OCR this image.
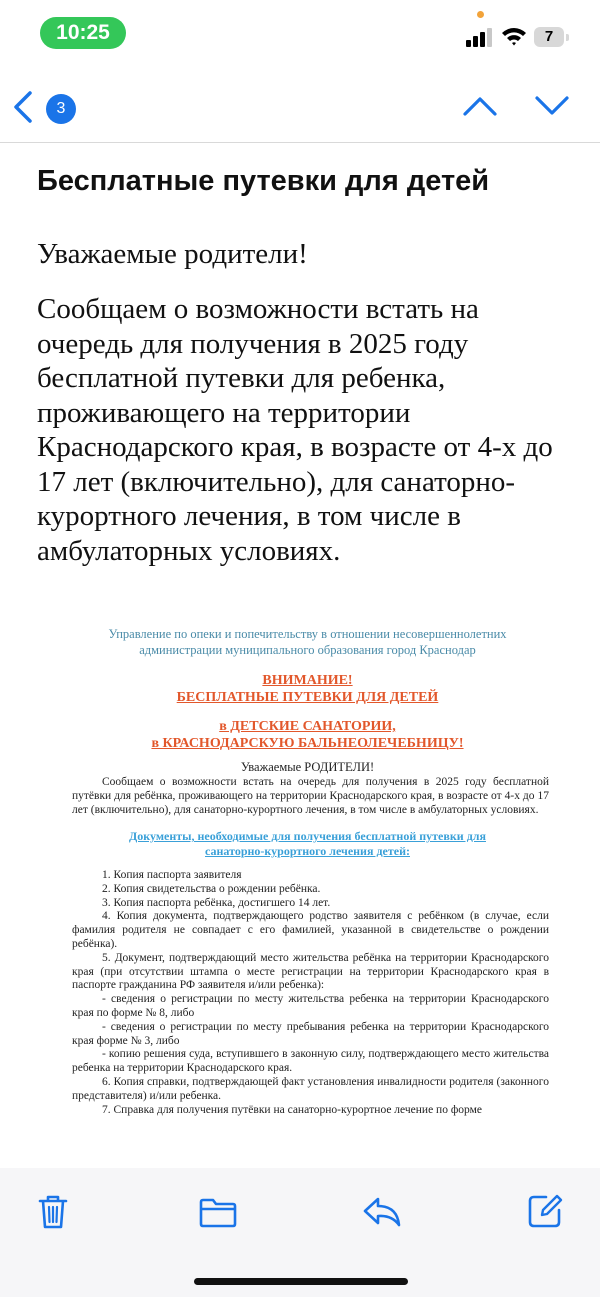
10:25	7
3
Бесплатные путевки для детей
Уважаемые родители!
Сообщаем о возможности встать на очередь для получения в 2025 году бесплатной путевки для ребенка, проживающего на территории Краснодарского края, в возрасте от 4-х до 17 лет (включительно), для санаторно-курортного лечения, в том числе в амбулаторных условиях.
Управление по опеки и попечительству в отношении несовершеннолетних
администрации муниципального образования город Краснодар
ВНИМАНИЕ!
БЕСПЛАТНЫЕ ПУТЕВКИ ДЛЯ ДЕТЕЙ
в ДЕТСКИЕ САНАТОРИИ,
в КРАСНОДАРСКУЮ БАЛЬНЕОЛЕЧЕБНИЦУ!
Уважаемые РОДИТЕЛИ!
Сообщаем о возможности встать на очередь для получения в 2025 году бесплатной путёвки для ребёнка, проживающего на территории Краснодарского края, в возрасте от 4-х до 17 лет (включительно), для санаторно-курортного лечения, в том числе в амбулаторных условиях.
Документы, необходимые для получения бесплатной путевки для
санаторно-курортного лечения детей:
1. Копия паспорта заявителя
2. Копия свидетельства о рождении ребёнка.
3. Копия паспорта ребёнка, достигшего 14 лет.
4. Копия документа, подтверждающего родство заявителя с ребёнком (в случае, если фамилия родителя не совпадает с его фамилией, указанной в свидетельстве о рождении ребёнка).
5. Документ, подтверждающий место жительства ребёнка на территории Краснодарского края (при отсутствии штампа о месте регистрации на территории Краснодарского края в паспорте гражданина РФ заявителя и/или ребенка):
- сведения о регистрации по месту жительства ребенка на территории Краснодарского края по форме № 8, либо
- сведения о регистрации по месту пребывания ребенка на территории Краснодарского края форме № 3, либо
- копию решения суда, вступившего в законную силу, подтверждающего место жительства ребенка на территории Краснодарского края.
6. Копия справки, подтверждающей факт установления инвалидности родителя (законного представителя) и/или ребенка.
7. Справка для получения путёвки на санаторно-курортное лечение по форме
